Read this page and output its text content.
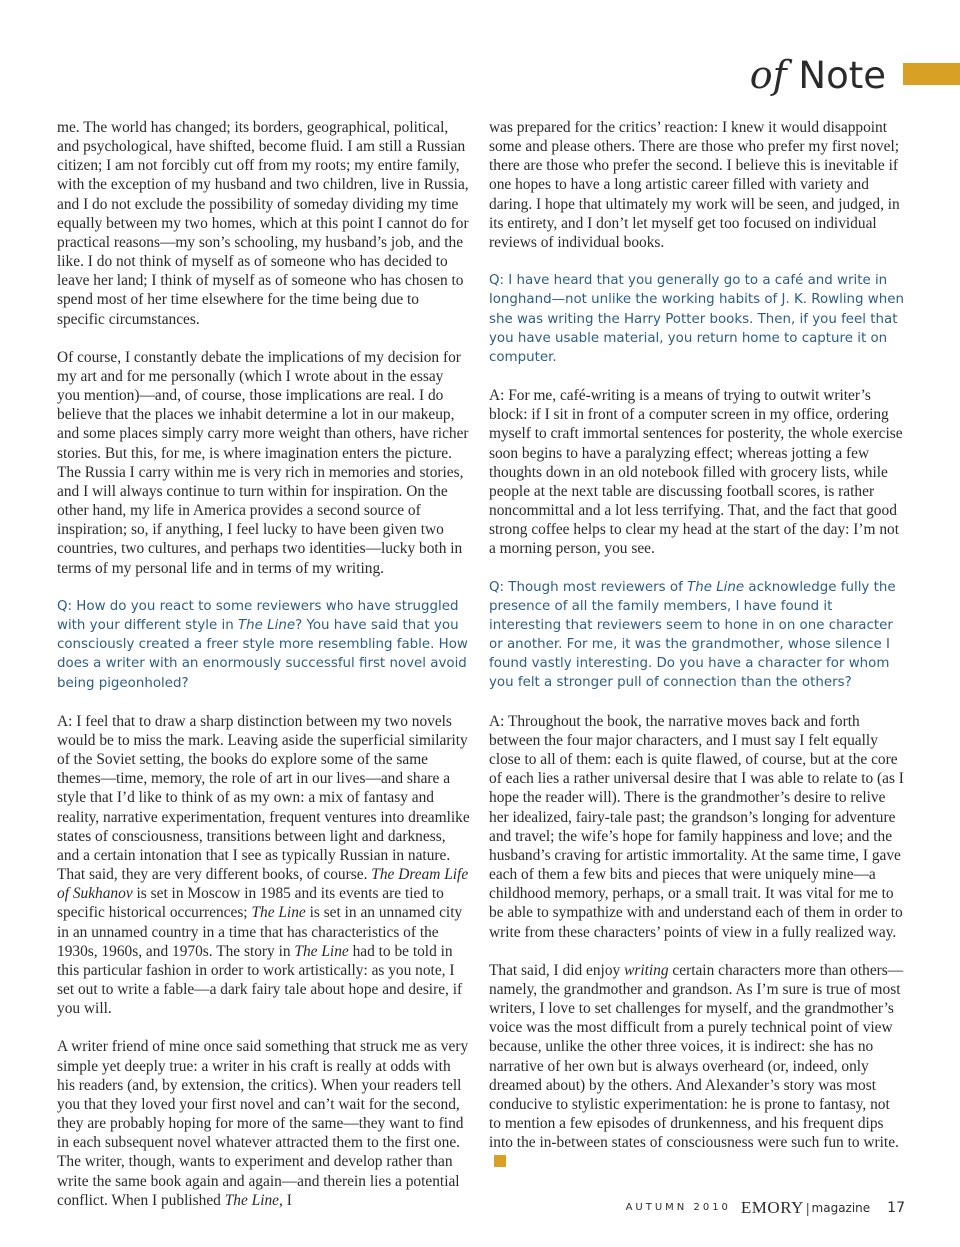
of Note

me. The world has changed; its borders, geographical, political, and psychological, have shifted, become fluid. I am still a Russian citizen; I am not forcibly cut off from my roots; my entire family, with the exception of my husband and two children, live in Russia, and I do not exclude the possibility of someday dividing my time equally between my two homes, which at this point I cannot do for practical reasons—my son’s schooling, my husband’s job, and the like. I do not think of myself as of someone who has decided to leave her land; I think of myself as of someone who has chosen to spend most of her time elsewhere for the time being due to specific circumstances.

Of course, I constantly debate the implications of my decision for my art and for me personally (which I wrote about in the essay you mention)—and, of course, those implications are real. I do believe that the places we inhabit determine a lot in our makeup, and some places simply carry more weight than others, have richer stories. But this, for me, is where imagination enters the picture. The Russia I carry within me is very rich in memories and stories, and I will always continue to turn within for inspiration. On the other hand, my life in America provides a second source of inspiration; so, if anything, I feel lucky to have been given two countries, two cultures, and perhaps two identities—lucky both in terms of my personal life and in terms of my writing.

Q: How do you react to some reviewers who have struggled with your different style in The Line? You have said that you consciously created a freer style more resembling fable. How does a writer with an enormously successful first novel avoid being pigeonholed?

A: I feel that to draw a sharp distinction between my two novels would be to miss the mark. Leaving aside the superficial similarity of the Soviet setting, the books do explore some of the same themes—time, memory, the role of art in our lives—and share a style that I’d like to think of as my own: a mix of fantasy and reality, narrative experimentation, frequent ventures into dreamlike states of consciousness, transitions between light and darkness, and a certain intonation that I see as typically Russian in nature. That said, they are very different books, of course. The Dream Life of Sukhanov is set in Moscow in 1985 and its events are tied to specific historical occurrences; The Line is set in an unnamed city in an unnamed country in a time that has characteristics of the 1930s, 1960s, and 1970s. The story in The Line had to be told in this particular fashion in order to work artistically: as you note, I set out to write a fable—a dark fairy tale about hope and desire, if you will.

A writer friend of mine once said something that struck me as very simple yet deeply true: a writer in his craft is really at odds with his readers (and, by extension, the critics). When your readers tell you that they loved your first novel and can’t wait for the second, they are probably hoping for more of the same—they want to find in each subsequent novel whatever attracted them to the first one. The writer, though, wants to experiment and develop rather than write the same book again and again—and therein lies a potential conflict. When I published The Line, I

was prepared for the critics’ reaction: I knew it would disappoint some and please others. There are those who prefer my first novel; there are those who prefer the second. I believe this is inevitable if one hopes to have a long artistic career filled with variety and daring. I hope that ultimately my work will be seen, and judged, in its entirety, and I don’t let myself get too focused on individual reviews of individual books.

Q: I have heard that you generally go to a café and write in longhand—not unlike the working habits of J. K. Rowling when she was writing the Harry Potter books. Then, if you feel that you have usable material, you return home to capture it on computer.

A: For me, café-writing is a means of trying to outwit writer’s block: if I sit in front of a computer screen in my office, ordering myself to craft immortal sentences for posterity, the whole exercise soon begins to have a paralyzing effect; whereas jotting a few thoughts down in an old notebook filled with grocery lists, while people at the next table are discussing football scores, is rather noncommittal and a lot less terrifying. That, and the fact that good strong coffee helps to clear my head at the start of the day: I’m not a morning person, you see.

Q: Though most reviewers of The Line acknowledge fully the presence of all the family members, I have found it interesting that reviewers seem to hone in on one character or another. For me, it was the grandmother, whose silence I found vastly interesting. Do you have a character for whom you felt a stronger pull of connection than the others?

A: Throughout the book, the narrative moves back and forth between the four major characters, and I must say I felt equally close to all of them: each is quite flawed, of course, but at the core of each lies a rather universal desire that I was able to relate to (as I hope the reader will). There is the grandmother’s desire to relive her idealized, fairy-tale past; the grandson’s longing for adventure and travel; the wife’s hope for family happiness and love; and the husband’s craving for artistic immortality. At the same time, I gave each of them a few bits and pieces that were uniquely mine—a childhood memory, perhaps, or a small trait. It was vital for me to be able to sympathize with and understand each of them in order to write from these characters’ points of view in a fully realized way.

That said, I did enjoy writing certain characters more than others—namely, the grandmother and grandson. As I’m sure is true of most writers, I love to set challenges for myself, and the grandmother’s voice was the most difficult from a purely technical point of view because, unlike the other three voices, it is indirect: she has no narrative of her own but is always overheard (or, indeed, only dreamed about) by the others. And Alexander’s story was most conducive to stylistic experimentation: he is prone to fantasy, not to mention a few episodes of drunkenness, and his frequent dips into the in-between states of consciousness were such fun to write.

AUTUMN 2010 EMORY | magazine 17
